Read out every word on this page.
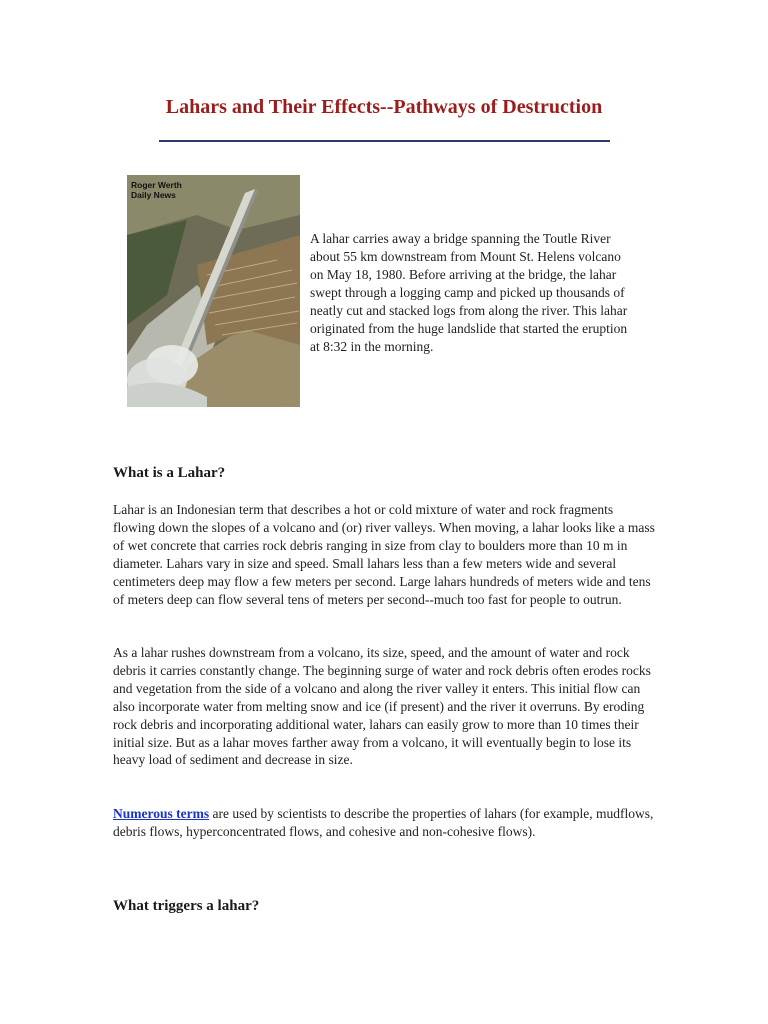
Lahars and Their Effects--Pathways of Destruction
Roger Werth
Daily News

A lahar carries away a bridge spanning the Toutle River about 55 km downstream from Mount St. Helens volcano on May 18, 1980. Before arriving at the bridge, the lahar swept through a logging camp and picked up thousands of neatly cut and stacked logs from along the river. This lahar originated from the huge landslide that started the eruption at 8:32 in the morning.

What is a Lahar?

Lahar is an Indonesian term that describes a hot or cold mixture of water and rock fragments flowing down the slopes of a volcano and (or) river valleys. When moving, a lahar looks like a mass of wet concrete that carries rock debris ranging in size from clay to boulders more than 10 m in diameter. Lahars vary in size and speed. Small lahars less than a few meters wide and several centimeters deep may flow a few meters per second. Large lahars hundreds of meters wide and tens of meters deep can flow several tens of meters per second--much too fast for people to outrun.

As a lahar rushes downstream from a volcano, its size, speed, and the amount of water and rock debris it carries constantly change. The beginning surge of water and rock debris often erodes rocks and vegetation from the side of a volcano and along the river valley it enters. This initial flow can also incorporate water from melting snow and ice (if present) and the river it overruns. By eroding rock debris and incorporating additional water, lahars can easily grow to more than 10 times their initial size. But as a lahar moves farther away from a volcano, it will eventually begin to lose its heavy load of sediment and decrease in size.

Numerous terms are used by scientists to describe the properties of lahars (for example, mudflows, debris flows, hyperconcentrated flows, and cohesive and non-cohesive flows).

What triggers a lahar?
